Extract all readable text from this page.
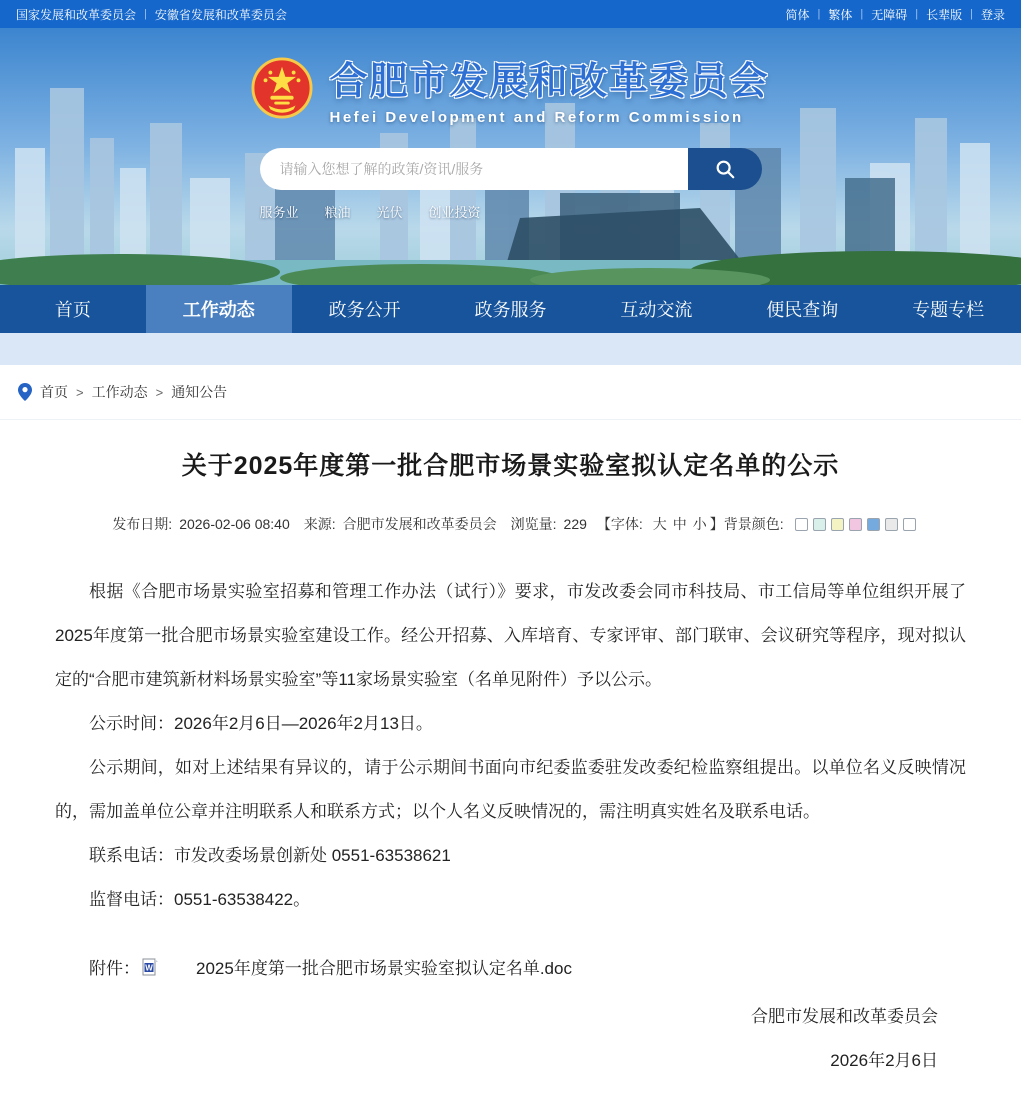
国家发展和改革委员会 | 安徽省发展和改革委员会	简体 | 繁体 | 无障碍 | 长辈版 | 登录
合肥市发展和改革委员会
Hefei Development and Reform Commission
请输入您想了解的政策/资讯/服务
服务业 粮油 光伏 创业投资
首页	工作动态	政务公开	政务服务	互动交流	便民查询	专题专栏
首页 > 工作动态 > 通知公告
关于2025年度第一批合肥市场景实验室拟认定名单的公示
发布日期: 2026-02-06 08:40 来源: 合肥市发展和改革委员会 浏览量: 229 【字体: 大 中 小 】 背景颜色:

根据《合肥市场景实验室招募和管理工作办法（试行）》要求，市发改委会同市科技局、市工信局等单位组织开展了2025年度第一批合肥市场景实验室建设工作。经公开招募、入库培育、专家评审、部门联审、会议研究等程序，现对拟认定的“合肥市建筑新材料场景实验室”等11家场景实验室（名单见附件）予以公示。

公示时间：2026年2月6日—2026年2月13日。

公示期间，如对上述结果有异议的，请于公示期间书面向市纪委监委驻发改委纪检监察组提出。以单位名义反映情况的，需加盖单位公章并注明联系人和联系方式；以个人名义反映情况的，需注明真实姓名及联系电话。

联系电话：市发改委场景创新处 0551-63538621

监督电话：0551-63538422。

附件： W	2025年度第一批合肥市场景实验室拟认定名单.doc
合肥市发展和改革委员会
2026年2月6日
